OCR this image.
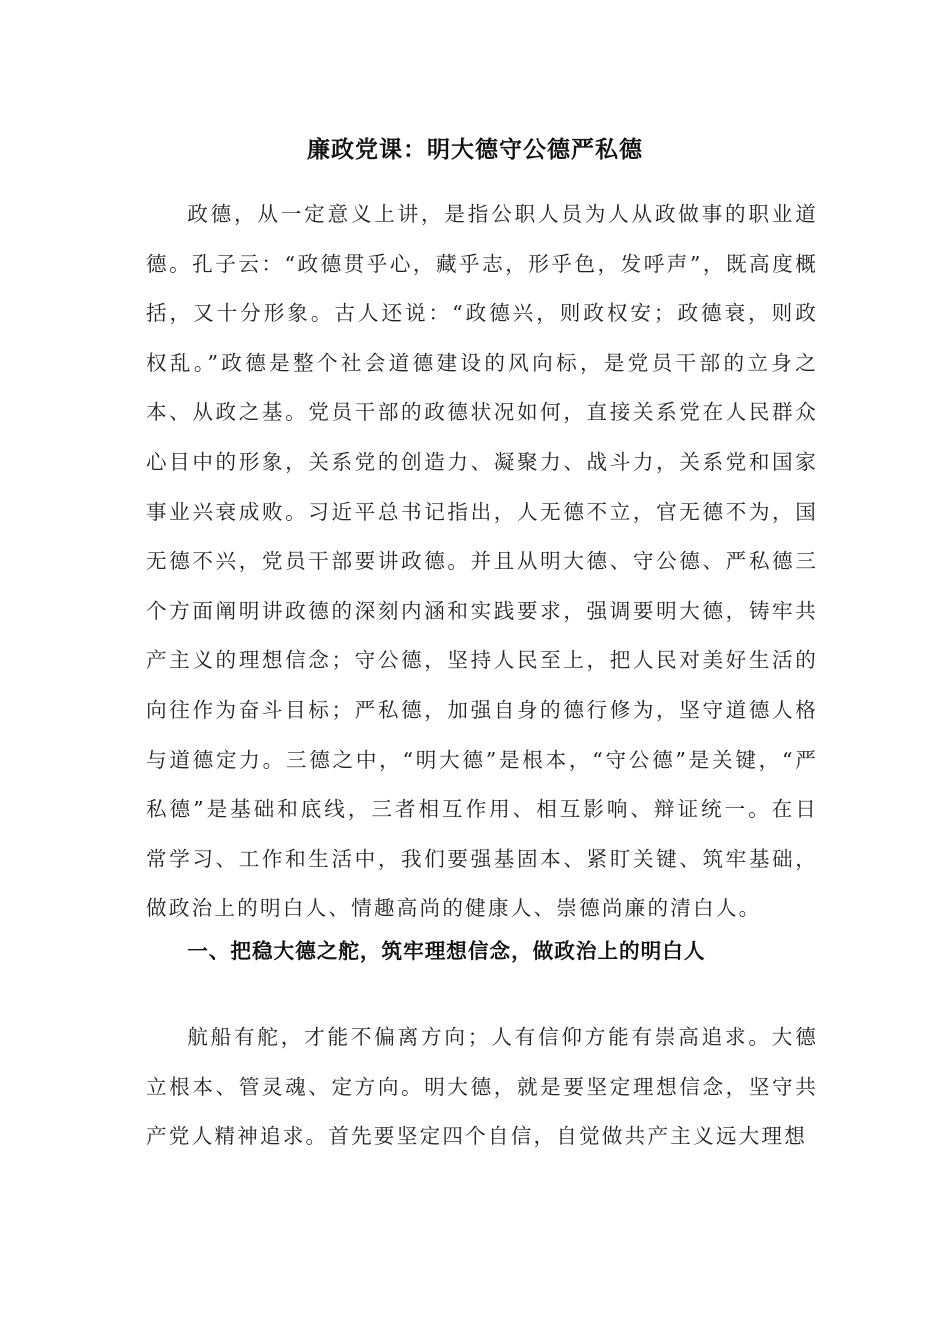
廉政党课：明大德守公德严私德

政德，从一定意义上讲，是指公职人员为人从政做事的职业道德。孔子云：“政德贯乎心，藏乎志，形乎色，发呼声”，既高度概括，又十分形象。古人还说：“政德兴，则政权安；政德衰，则政权乱。”政德是整个社会道德建设的风向标，是党员干部的立身之本、从政之基。党员干部的政德状况如何，直接关系党在人民群众心目中的形象，关系党的创造力、凝聚力、战斗力，关系党和国家事业兴衰成败。习近平总书记指出，人无德不立，官无德不为，国无德不兴，党员干部要讲政德。并且从明大德、守公德、严私德三个方面阐明讲政德的深刻内涵和实践要求，强调要明大德，铸牢共产主义的理想信念；守公德，坚持人民至上，把人民对美好生活的向往作为奋斗目标；严私德，加强自身的德行修为，坚守道德人格与道德定力。三德之中，“明大德”是根本，“守公德”是关键，“严私德”是基础和底线，三者相互作用、相互影响、辩证统一。在日常学习、工作和生活中，我们要强基固本、紧盯关键、筑牢基础，做政治上的明白人、情趣高尚的健康人、崇德尚廉的清白人。

一、把稳大德之舵，筑牢理想信念，做政治上的明白人

航船有舵，才能不偏离方向；人有信仰方能有崇高追求。大德立根本、管灵魂、定方向。明大德，就是要坚定理想信念，坚守共产党人精神追求。首先要坚定四个自信，自觉做共产主义远大理想
